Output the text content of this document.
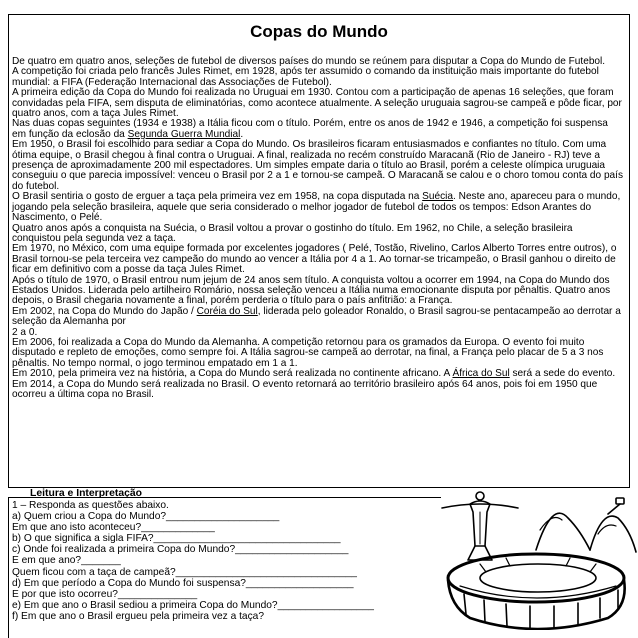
Copas do Mundo

De quatro em quatro anos, seleções de futebol de diversos países do mundo se reúnem para disputar a Copa do Mundo de Futebol.

A competição foi criada pelo francês Jules Rimet, em 1928, após ter assumido o comando da instituição mais importante do futebol mundial: a FIFA (Federação Internacional das Associações de Futebol).

A primeira edição da Copa do Mundo foi realizada no Uruguai em 1930. Contou com a participação de apenas 16 seleções, que foram convidadas pela FIFA, sem disputa de eliminatórias, como acontece atualmente. A seleção uruguaia sagrou-se campeã e pôde ficar, por quatro anos, com a taça Jules Rimet.

Nas duas copas seguintes (1934 e 1938) a Itália ficou com o título. Porém, entre os anos de 1942 e 1946, a competição foi suspensa em função da eclosão da Segunda Guerra Mundial.

Em 1950, o Brasil foi escolhido para sediar a Copa do Mundo. Os brasileiros ficaram entusiasmados e confiantes no título. Com uma ótima equipe, o Brasil chegou à final contra o Uruguai. A final, realizada no recém construído Maracanã (Rio de Janeiro - RJ) teve a presença de aproximadamente 200 mil espectadores. Um simples empate daria o título ao Brasil, porém a celeste olímpica uruguaia conseguiu o que parecia impossível: venceu o Brasil por 2 a 1 e tornou-se campeã. O Maracanã se calou e o choro tomou conta do país do futebol.

O Brasil sentiria o gosto de erguer a taça pela primeira vez em 1958, na copa disputada na Suécia. Neste ano, apareceu para o mundo, jogando pela seleção brasileira, aquele que seria considerado o melhor jogador de futebol de todos os tempos: Edson Arantes do Nascimento, o Pelé.

Quatro anos após a conquista na Suécia, o Brasil voltou a provar o gostinho do título. Em 1962, no Chile, a seleção brasileira conquistou pela segunda vez a taça.

Em 1970, no México, com uma equipe formada por excelentes jogadores ( Pelé, Tostão, Rivelino, Carlos Alberto Torres entre outros), o Brasil tornou-se pela terceira vez campeão do mundo ao vencer a Itália por 4 a 1. Ao tornar-se tricampeão, o Brasil ganhou o direito de ficar em definitivo com a posse da taça Jules Rimet.

Após o título de 1970, o Brasil entrou num jejum de 24 anos sem título. A conquista voltou a ocorrer em 1994, na Copa do Mundo dos Estados Unidos. Liderada pelo artilheiro Romário, nossa seleção venceu a Itália numa emocionante disputa por pênaltis. Quatro anos depois, o Brasil chegaria novamente a final, porém perderia o título para o país anfitrião: a França.

Em 2002, na Copa do Mundo do Japão / Coréia do Sul, liderada pelo goleador Ronaldo, o Brasil sagrou-se pentacampeão ao derrotar a seleção da Alemanha por

2 a 0.

Em 2006, foi realizada a Copa do Mundo da Alemanha. A competição retornou para os gramados da Europa. O evento foi muito disputado e repleto de emoções, como sempre foi. A Itália sagrou-se campeã ao derrotar, na final, a França pelo placar de 5 a 3 nos pênaltis. No tempo normal, o jogo terminou empatado em 1 a 1.

Em 2010, pela primeira vez na história, a Copa do Mundo será realizada no continente africano. A África do Sul será a sede do evento.

Em 2014, a Copa do Mundo será realizada no Brasil. O evento retornará ao território brasileiro após 64 anos, pois foi em 1950 que ocorreu a última copa no Brasil.

Leitura e Interpretação

1 – Responda as questões abaixo.

a) Quem criou a Copa do Mundo?____________________

Em que ano isto aconteceu?_____________

b) O que significa a sigla FIFA?_________________________________

c) Onde foi realizada a primeira Copa do Mundo?____________________

E em que ano?_______

Quem ficou com a taça de campeã?________________________________

d) Em que período a Copa do Mundo foi suspensa?___________________

E por que isto ocorreu?______________

e) Em que ano o Brasil sediou a primeira Copa do Mundo?_________________

f) Em que ano o Brasil ergueu pela primeira vez a taça?
